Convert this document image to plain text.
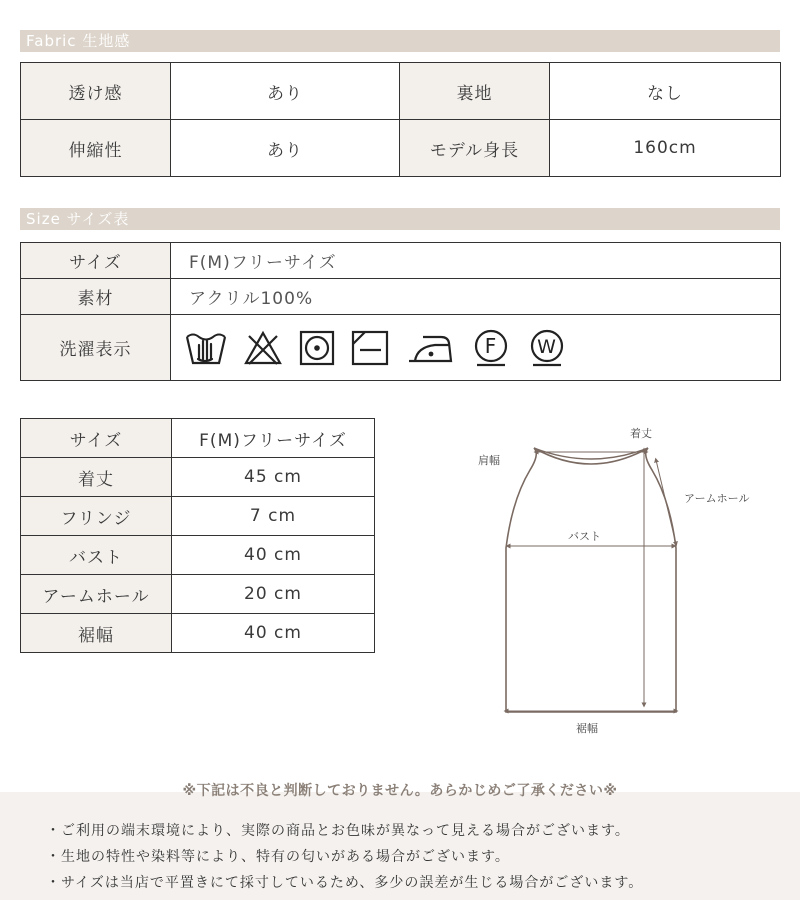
Fabric 生地感
透け感	あり	裏地	なし
伸縮性	あり	モデル身長	160cm
Size サイズ表
サイズ	F(M)フリーサイズ
素材	アクリル100%
洗濯表示	F W
サイズ	F(M)フリーサイズ
着丈	45 cm
フリンジ	7 cm
バスト	40 cm
アームホール	20 cm
裾幅	40 cm
着丈
肩幅
アームホール
バスト
裾幅
※下記は不良と判断しておりません。あらかじめご了承ください※
・ご利用の端末環境により、実際の商品とお色味が異なって見える場合がございます。
・生地の特性や染料等により、特有の匂いがある場合がございます。
・サイズは当店で平置きにて採寸しているため、多少の誤差が生じる場合がございます。
